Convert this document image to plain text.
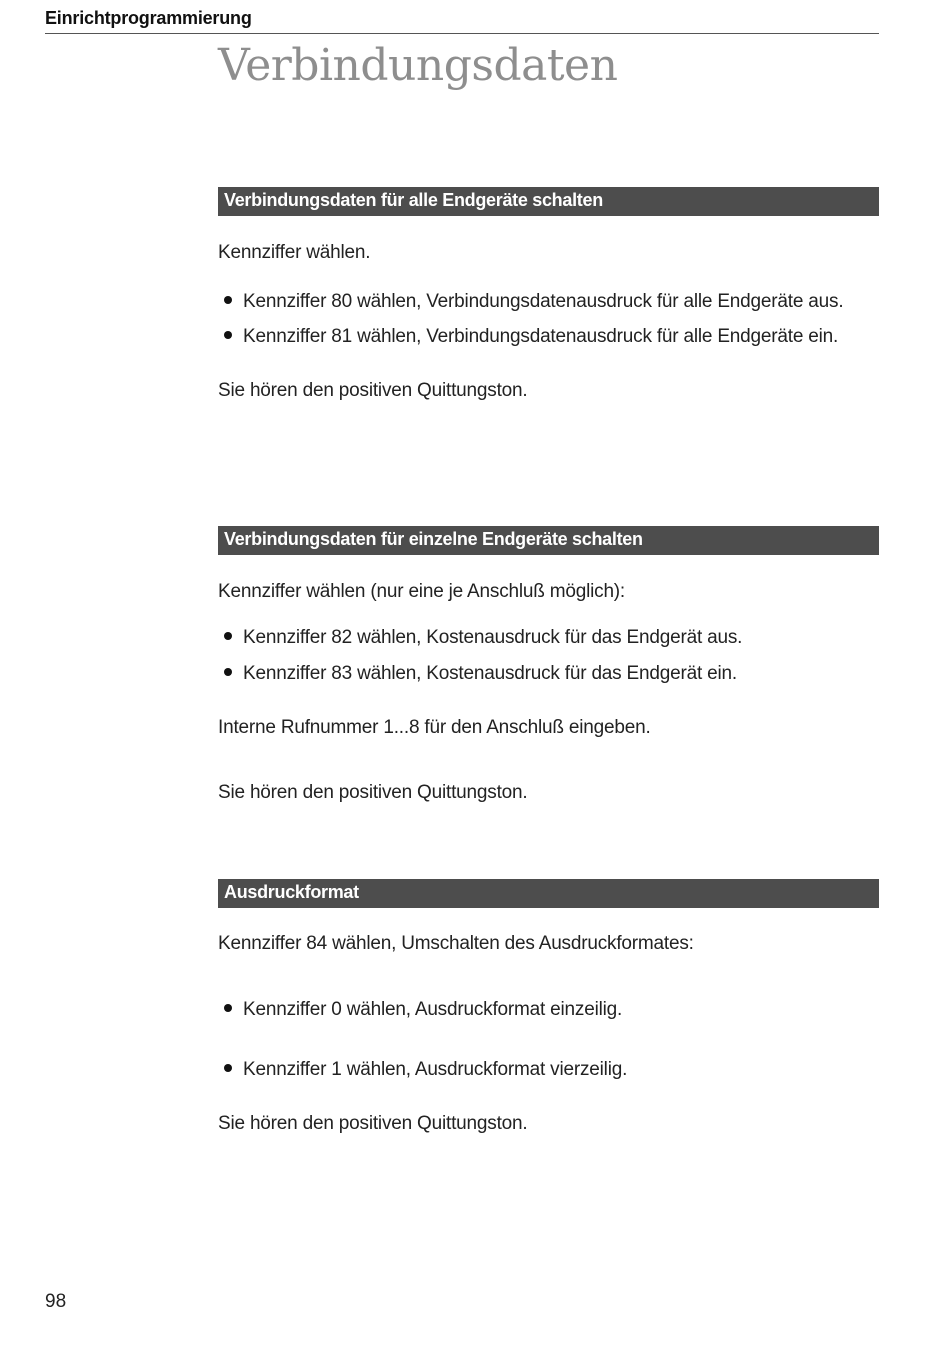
Einrichtprogrammierung
Verbindungsdaten
Verbindungsdaten für alle Endgeräte schalten
Kennziffer wählen.
Kennziffer 80 wählen, Verbindungsdatenausdruck für alle Endgeräte aus.
Kennziffer 81 wählen, Verbindungsdatenausdruck für alle Endgeräte ein.
Sie hören den positiven Quittungston.
Verbindungsdaten für einzelne Endgeräte schalten
Kennziffer wählen (nur eine je Anschluß möglich):
Kennziffer 82 wählen, Kostenausdruck für das Endgerät aus.
Kennziffer 83 wählen, Kostenausdruck für das Endgerät ein.
Interne Rufnummer 1...8 für den Anschluß eingeben.
Sie hören den positiven Quittungston.
Ausdruckformat
Kennziffer 84 wählen, Umschalten des Ausdruckformates:
Kennziffer 0 wählen, Ausdruckformat einzeilig.
Kennziffer 1 wählen, Ausdruckformat vierzeilig.
Sie hören den positiven Quittungston.
98
